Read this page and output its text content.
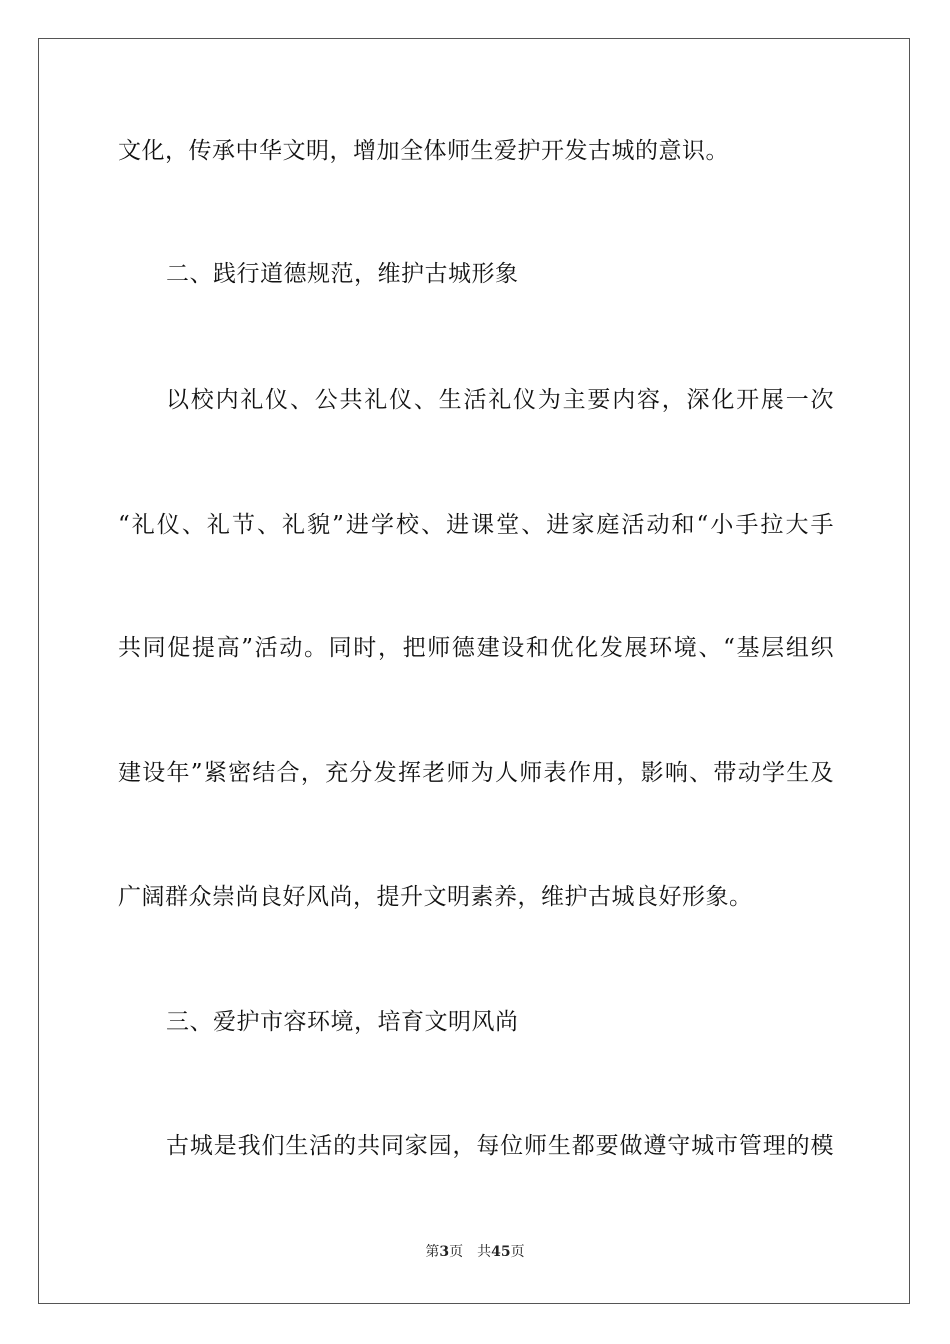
文化，传承中华文明，增加全体师生爱护开发古城的意识。
二、践行道德规范，维护古城形象
以校内礼仪、公共礼仪、生活礼仪为主要内容，深化开展一次
“礼仪、礼节、礼貌”进学校、进课堂、进家庭活动和“小手拉大手
共同促提高”活动。同时，把师德建设和优化发展环境、“基层组织
建设年”紧密结合，充分发挥老师为人师表作用，影响、带动学生及
广阔群众崇尚良好风尚，提升文明素养，维护古城良好形象。
三、爱护市容环境，培育文明风尚
古城是我们生活的共同家园，每位师生都要做遵守城市管理的模
第3页 共45页
